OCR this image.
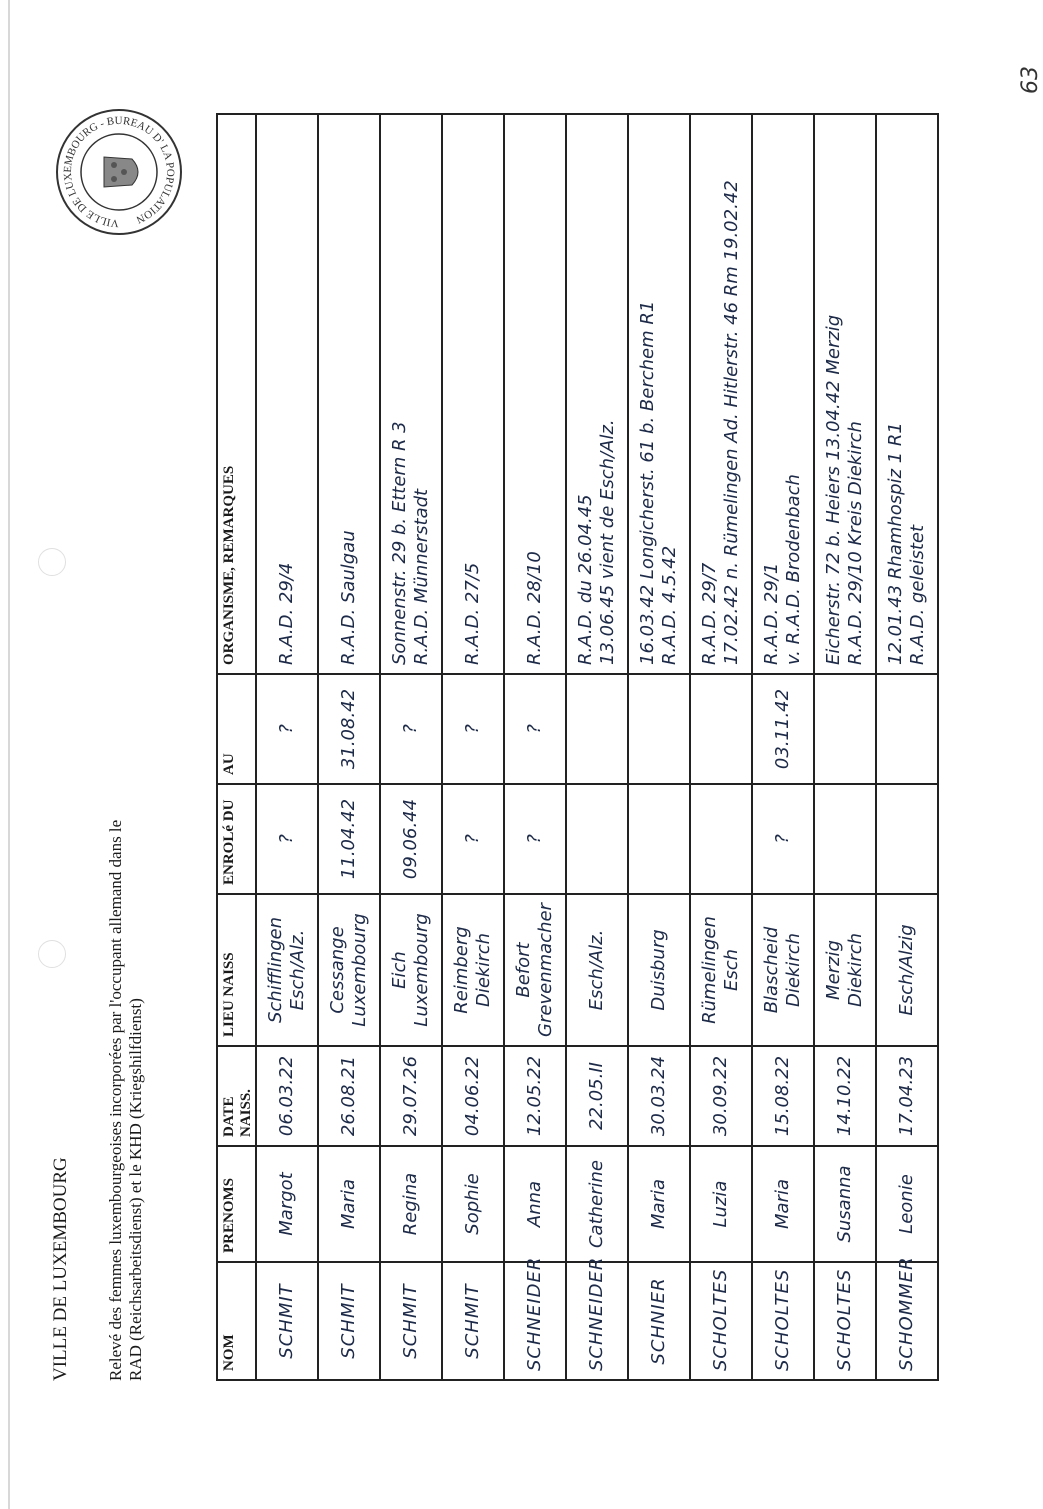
63

VILLE DE LUXEMBOURG Relevé des femmes luxembourgeoises incorporées par l'occupant allemand dans le RAD (Reichsarbeitsdienst) et le KHD (Kriegshilfdienst)

VILLE DE LUXEMBOURG - BUREAU D' LA POPULATION
NOM	PRENOMS	DATE NAISS.	LIEU NAISS	ENROLé DU	AU	ORGANISME, REMARQUES
SCHMIT	Margot	06.03.22	Schifflingen Esch/Alz.	?	?	R.A.D. 29/4

SCHMIT	Maria	26.08.21	Cessange Luxembourg	11.04.42	31.08.42	R.A.D. Saulgau

SCHMIT	Regina	29.07.26	Eich Luxembourg	09.06.44	?	Sonnenstr. 29 b. Ettern R 3 R.A.D. Münnerstadt

SCHMIT	Sophie	04.06.22	Reimberg Diekirch	?	?	R.A.D. 27/5

SCHNEIDER	Anna	12.05.22	Befort Grevenmacher	?	?	R.A.D. 28/10

SCHNEIDER	Catherine	22.05.II	Esch/Alz.			R.A.D. du 26.04.45 13.06.45 vient de Esch/Alz.

SCHNIER	Maria	30.03.24	Duisburg			16.03.42 Longicherst. 61 b. Berchem R1 R.A.D. 4.5.42

SCHOLTES	Luzia	30.09.22	Rümelingen Esch			R.A.D. 29/7 17.02.42 n. Rümelingen Ad. Hitlerstr. 46 Rm 19.02.42

SCHOLTES	Maria	15.08.22	Blascheid Diekirch	?	03.11.42	R.A.D. 29/1 v. R.A.D. Brodenbach

SCHOLTES	Susanna	14.10.22	Merzig Diekirch			Eicherstr. 72 b. Heiers 13.04.42 Merzig R.A.D. 29/10 Kreis Diekirch

SCHOMMER	Leonie	17.04.23	Esch/Alzig			12.01.43 Rhamhospiz 1 R1 R.A.D. geleistet
